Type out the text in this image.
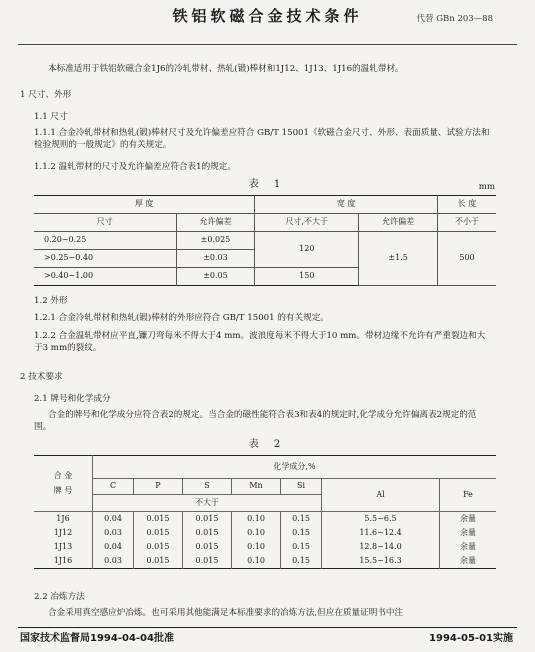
铁铝软磁合金技术条件	代替 GBn 203—88
本标准适用于铁铝软磁合金1J6的冷轧带材、热轧(锻)棒材和1J12、1J13、1J16的温轧带材。
1 尺寸、外形
1.1 尺寸
1.1.1 合金冷轧带材和热轧(锻)棒材尺寸及允许偏差应符合 GB/T 15001《软磁合金尺寸、外形、表面质量、试验方法和检验规则的一般规定》的有关规定。
1.1.2 温轧带材的尺寸及允许偏差应符合表1的规定。
表 1	mm
厚 度		宽 度		长 度
尺寸	允许偏差	尺寸,不大于	允许偏差	不小于
0.20~0.25	±0.025	120	±1.5	500
>0.25~0.40	±0.03			
>0.40~1.00	±0.05	150		
1.2 外形
1.2.1 合金冷轧带材和热轧(锻)棒材的外形应符合 GB/T 15001 的有关规定。
1.2.2 合金温轧带材应平直,镰刀弯每米不得大于4 mm。波浪度每米不得大于10 mm。带材边缘不允许有严重裂边和大于3 mm的裂纹。
2 技术要求
2.1 牌号和化学成分
合金的牌号和化学成分应符合表2的规定。当合金的磁性能符合表3和表4的规定时,化学成分允许偏离表2规定的范围。
表 2
合 金
牌 号	化学成分,%						
	C	P	S	Mn	Si	Al	Fe
	不大于						
1J6	0.04	0.015	0.015	0.10	0.15	5.5~6.5	余量
1J12	0.03	0.015	0.015	0.10	0.15	11.6~12.4	余量
1J13	0.04	0.015	0.015	0.10	0.15	12.8~14.0	余量
1J16	0.03	0.015	0.015	0.10	0.15	15.5~16.3	余量
2.2 冶炼方法
合金采用真空感应炉冶炼。也可采用其他能满足本标准要求的冶炼方法,但应在质量证明书中注
国家技术监督局1994-04-04批准	1994-05-01实施
